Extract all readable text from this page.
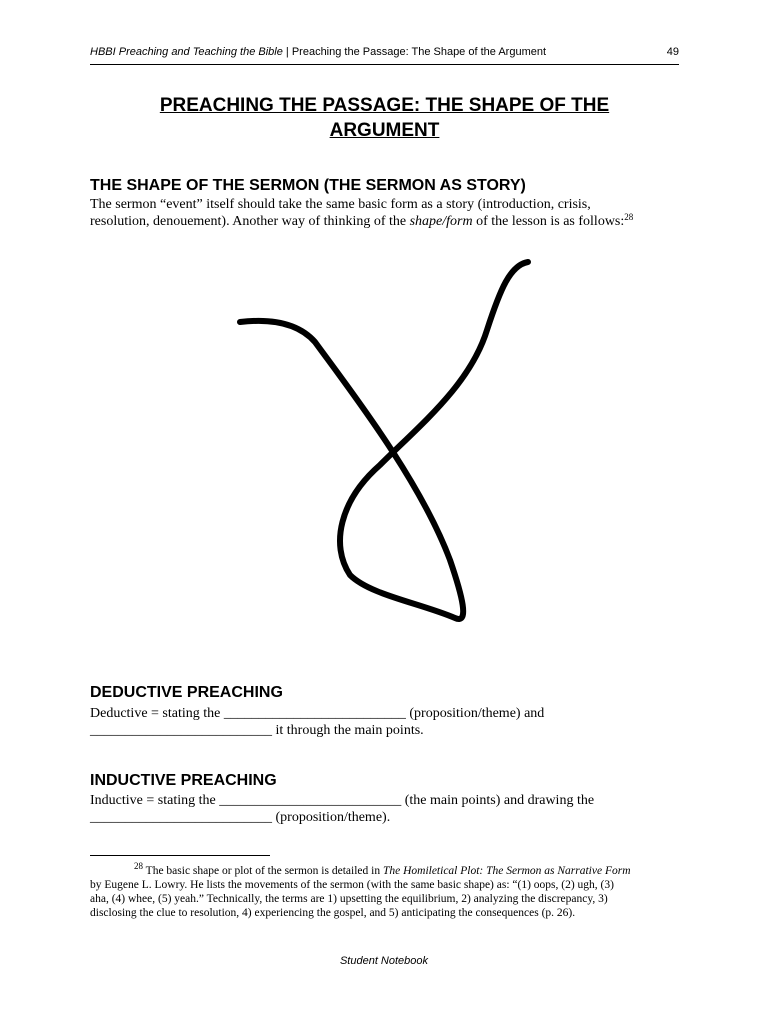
HBBI Preaching and Teaching the Bible | Preaching the Passage: The Shape of the Argument	49
PREACHING THE PASSAGE: THE SHAPE OF THE
ARGUMENT
THE SHAPE OF THE SERMON (THE SERMON AS STORY)
The sermon “event” itself should take the same basic form as a story (introduction, crisis,
resolution, denouement). Another way of thinking of the shape/form of the lesson is as follows:$^{28}$
DEDUCTIVE PREACHING
Deductive = stating the __________________________ (proposition/theme) and
__________________________ it through the main points.
INDUCTIVE PREACHING
Inductive = stating the __________________________ (the main points) and drawing the
__________________________ (proposition/theme).
$^{28}$ The basic shape or plot of the sermon is detailed in The Homiletical Plot: The Sermon as Narrative Form
by Eugene L. Lowry. He lists the movements of the sermon (with the same basic shape) as: “(1) oops, (2) ugh, (3)
aha, (4) whee, (5) yeah.” Technically, the terms are 1) upsetting the equilibrium, 2) analyzing the discrepancy, 3)
disclosing the clue to resolution, 4) experiencing the gospel, and 5) anticipating the consequences (p. 26).
Student Notebook
